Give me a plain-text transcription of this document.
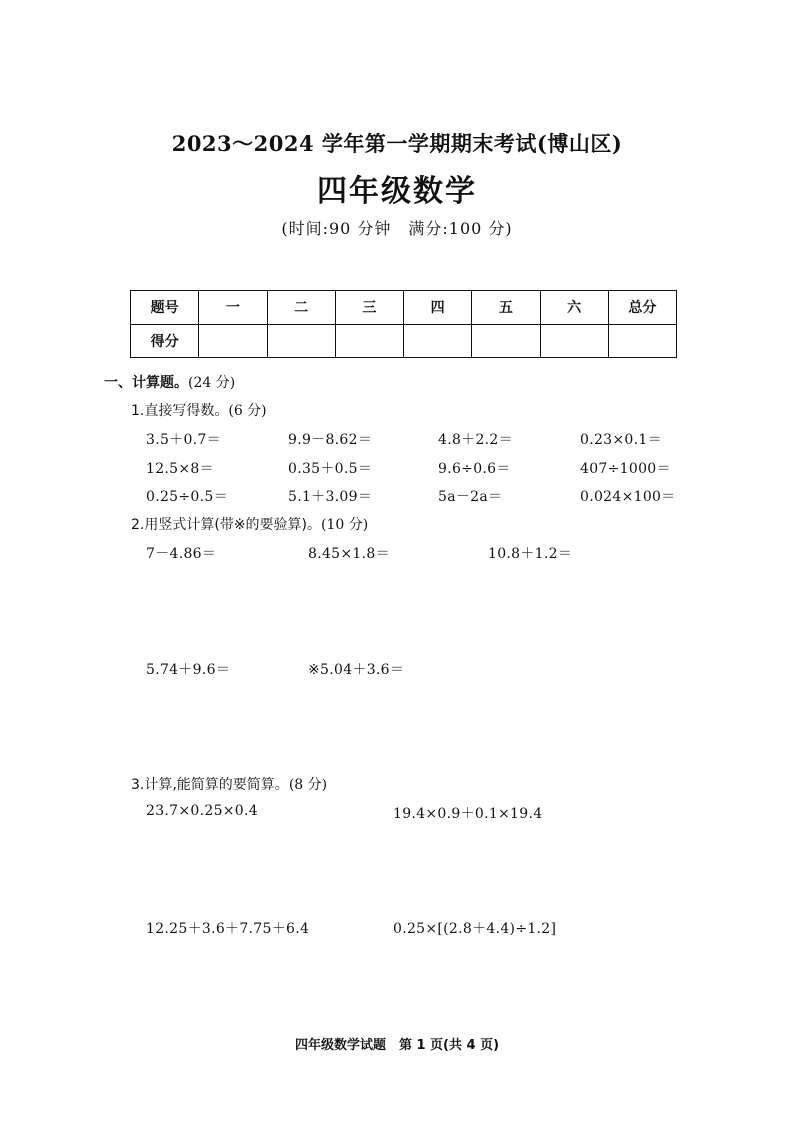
2023～2024 学年第一学期期末考试(博山区)
四年级数学
(时间:90 分钟　满分:100 分)
题号	一	二	三	四	五	六	总分
得分							
一、计算题。(24 分)
1.直接写得数。(6 分)
3.5＋0.7＝	9.9－8.62＝	4.8＋2.2＝	0.23×0.1＝
12.5×8＝	0.35＋0.5＝	9.6÷0.6＝	407÷1000＝
0.25÷0.5＝	5.1＋3.09＝	5a－2a＝	0.024×100＝
2.用竖式计算(带※的要验算)。(10 分)
7－4.86＝	8.45×1.8＝	10.8＋1.2＝
5.74＋9.6＝	※5.04＋3.6＝
3.计算,能简算的要简算。(8 分)
23.7×0.25×0.4	19.4×0.9＋0.1×19.4
12.25＋3.6＋7.75＋6.4	0.25×[(2.8＋4.4)÷1.2]
四年级数学试题　第 1 页(共 4 页)
